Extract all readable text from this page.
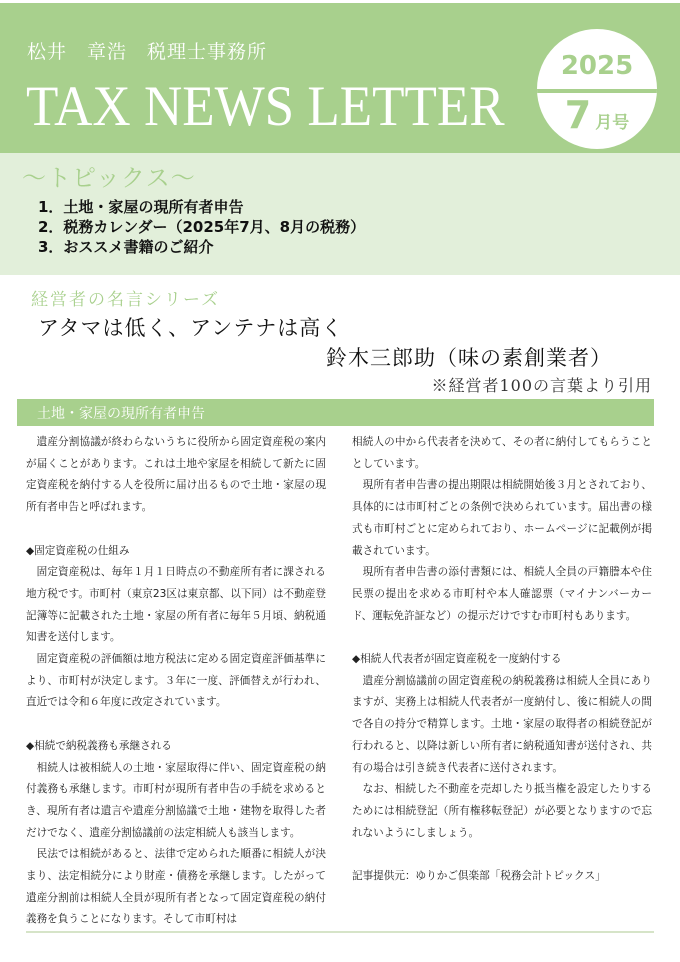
松井　章浩　税理士事務所
TAX NEWS LETTER
2025
7 月号
～トピックス～
1．土地・家屋の現所有者申告
2．税務カレンダー（2025年7月、8月の税務）
3．おススメ書籍のご紹介
経営者の名言シリーズ
アタマは低く、アンテナは高く
鈴木三郎助（味の素創業者）
※経営者100の言葉より引用
土地・家屋の現所有者申告

遺産分割協議が終わらないうちに役所から固定資産税の案内が届くことがあります。これは土地や家屋を相続して新たに固定資産税を納付する人を役所に届け出るもので土地・家屋の現所有者申告と呼ばれます。

◆固定資産税の仕組み

固定資産税は、毎年１月１日時点の不動産所有者に課される地方税です。市町村（東京23区は東京都、以下同）は不動産登記簿等に記載された土地・家屋の所有者に毎年５月頃、納税通知書を送付します。

固定資産税の評価額は地方税法に定める固定資産評価基準により、市町村が決定します。３年に一度、評価替えが行われ、直近では令和６年度に改定されています。

◆相続で納税義務も承継される

相続人は被相続人の土地・家屋取得に伴い、固定資産税の納付義務も承継します。市町村が現所有者申告の手続を求めるとき、現所有者は遺言や遺産分割協議で土地・建物を取得した者だけでなく、遺産分割協議前の法定相続人も該当します。

民法では相続があると、法律で定められた順番に相続人が決まり、法定相続分により財産・債務を承継します。したがって遺産分割前は相続人全員が現所有者となって固定資産税の納付義務を負うことになります。そして市町村は

相続人の中から代表者を決めて、その者に納付してもらうこととしています。

現所有者申告書の提出期限は相続開始後３月とされており、具体的には市町村ごとの条例で決められています。届出書の様式も市町村ごとに定められており、ホームページに記載例が掲載されています。

現所有者申告書の添付書類には、相続人全員の戸籍謄本や住民票の提出を求める市町村や本人確認票（マイナンバーカード、運転免許証など）の提示だけですむ市町村もあります。

◆相続人代表者が固定資産税を一度納付する

遺産分割協議前の固定資産税の納税義務は相続人全員にありますが、実務上は相続人代表者が一度納付し、後に相続人の間で各自の持分で精算します。土地・家屋の取得者の相続登記が行われると、以降は新しい所有者に納税通知書が送付され、共有の場合は引き続き代表者に送付されます。

なお、相続した不動産を売却したり抵当権を設定したりするためには相続登記（所有権移転登記）が必要となりますので忘れないようにしましょう。

記事提供元：ゆりかご倶楽部「税務会計トピックス」
